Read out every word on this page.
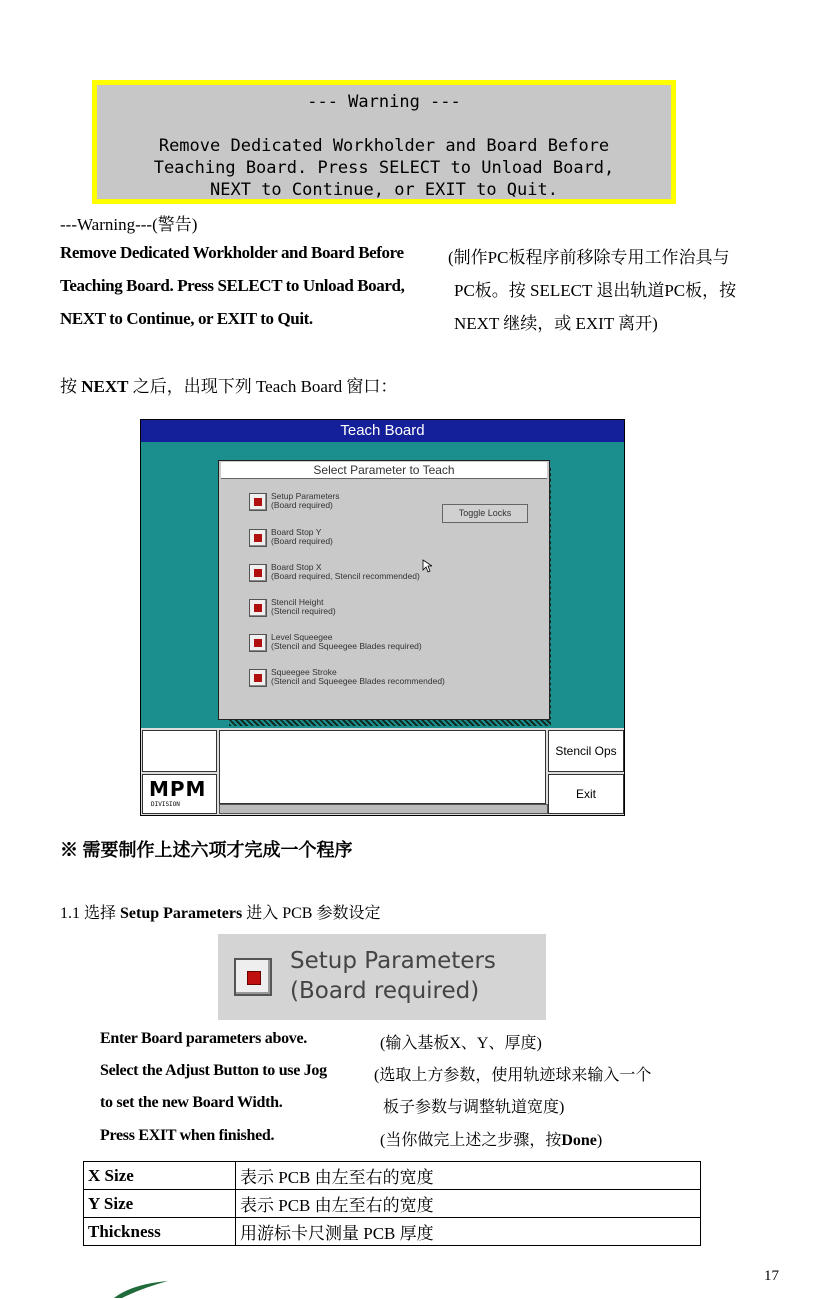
--- Warning ---
Remove Dedicated Workholder and Board Before
Teaching Board. Press SELECT to Unload Board,
NEXT to Continue, or EXIT to Quit.
---Warning---(警告)
Remove Dedicated Workholder and Board Before	(制作PC板程序前移除专用工作治具与
Teaching Board. Press SELECT to Unload Board,	PC板。按 SELECT 退出轨道PC板，按
NEXT to Continue, or EXIT to Quit.	NEXT 继续，或 EXIT 离开)
按 NEXT 之后，出现下列 Teach Board 窗口：
Teach Board
Select Parameter to Teach
Setup Parameters
(Board required)
Board Stop Y
(Board required)
Board Stop X
(Board required, Stencil recommended)
Stencil Height
(Stencil required)
Level Squeegee
(Stencil and Squeegee Blades required)
Squeegee Stroke
(Stencil and Squeegee Blades recommended)
Toggle Locks
Stencil Ops
MPM
DIVISION
Exit
※ 需要制作上述六项才完成一个程序
1.1 选择 Setup Parameters 进入 PCB 参数设定
Setup Parameters
(Board required)
Enter Board parameters above.	(输入基板X、Y、厚度)
Select the Adjust Button to use Jog	(选取上方参数，使用轨迹球来输入一个
to set the new Board Width.	板子参数与调整轨道宽度)
Press EXIT when finished.	(当你做完上述之步骤，按Done)
X Size	表示 PCB 由左至右的宽度
Y Size	表示 PCB 由左至右的宽度
Thickness	用游标卡尺测量 PCB 厚度
17
